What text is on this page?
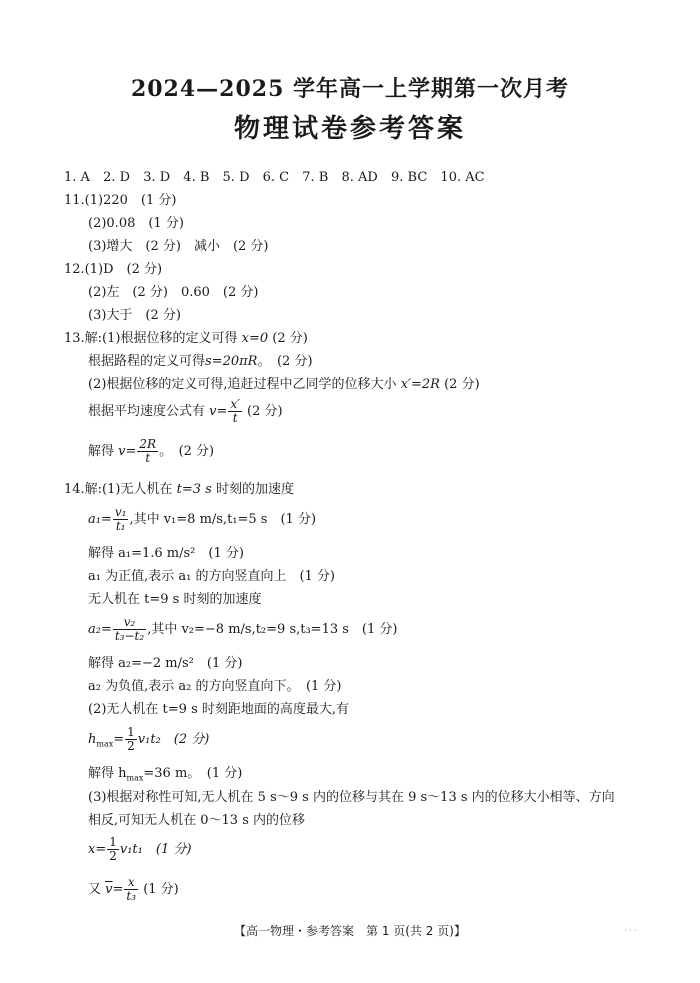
2024—2025 学年高一上学期第一次月考
物理试卷参考答案
1. A 2. D 3. D 4. B 5. D 6. C 7. B 8. AD 9. BC 10. AC
11.(1)220　(1 分)
(2)0.08　(1 分)
(3)增大　(2 分)　减小　(2 分)
12.(1)D　(2 分)
(2)左　(2 分)　0.60　(2 分)
(3)大于　(2 分)
13.解:(1)根据位移的定义可得 x=0 (2 分)
根据路程的定义可得s=20πR。　(2 分)
(2)根据位移的定义可得,追赶过程中乙同学的位移大小 x′=2R (2 分)
根据平均速度公式有 $v= \frac{x'}{t} (2$ 分)
解得 $v= \frac{2R}{t}$ 。　(2 分)
14.解:(1)无人机在 t=3 s 时刻的加速度
$a_1= \frac{\text{v₁}}{\text{t₁}}$ ,其中 v₁=8 m/s,t₁=5 s　(1 分)
解得 a₁=1.6 m/s²　(1 分)
a₁ 为正值,表示 a₁ 的方向竖直向上　(1 分)
无人机在 t=9 s 时刻的加速度
$a_2= \frac{\text{v₂}}{\text{t₃−t₂}}$ ,其中 v₂=−8 m/s,t₂=9 s,t₃=13 s　(1 分)
解得 a₂=−2 m/s²　(1 分)
a₂ 为负值,表示 a₂ 的方向竖直向下。　(1 分)
(2)无人机在 t=9 s 时刻距地面的高度最大,有
$h_{max}= \frac{1}{2} v_1t_2$　(2 分)
解得 $h_{max}=36$ m。　(1 分)
(3)根据对称性可知,无人机在 5 s～9 s 内的位移与其在 9 s～13 s 内的位移大小相等、方向
相反,可知无人机在 0～13 s 内的位移
$x= \frac{1}{2} v_1t_1$　(1 分)
又 $\overline{v}= \frac{x}{\text{t₃}} (1$ 分)
【高一物理・参考答案　第 1 页(共 2 页)】	· · ·
